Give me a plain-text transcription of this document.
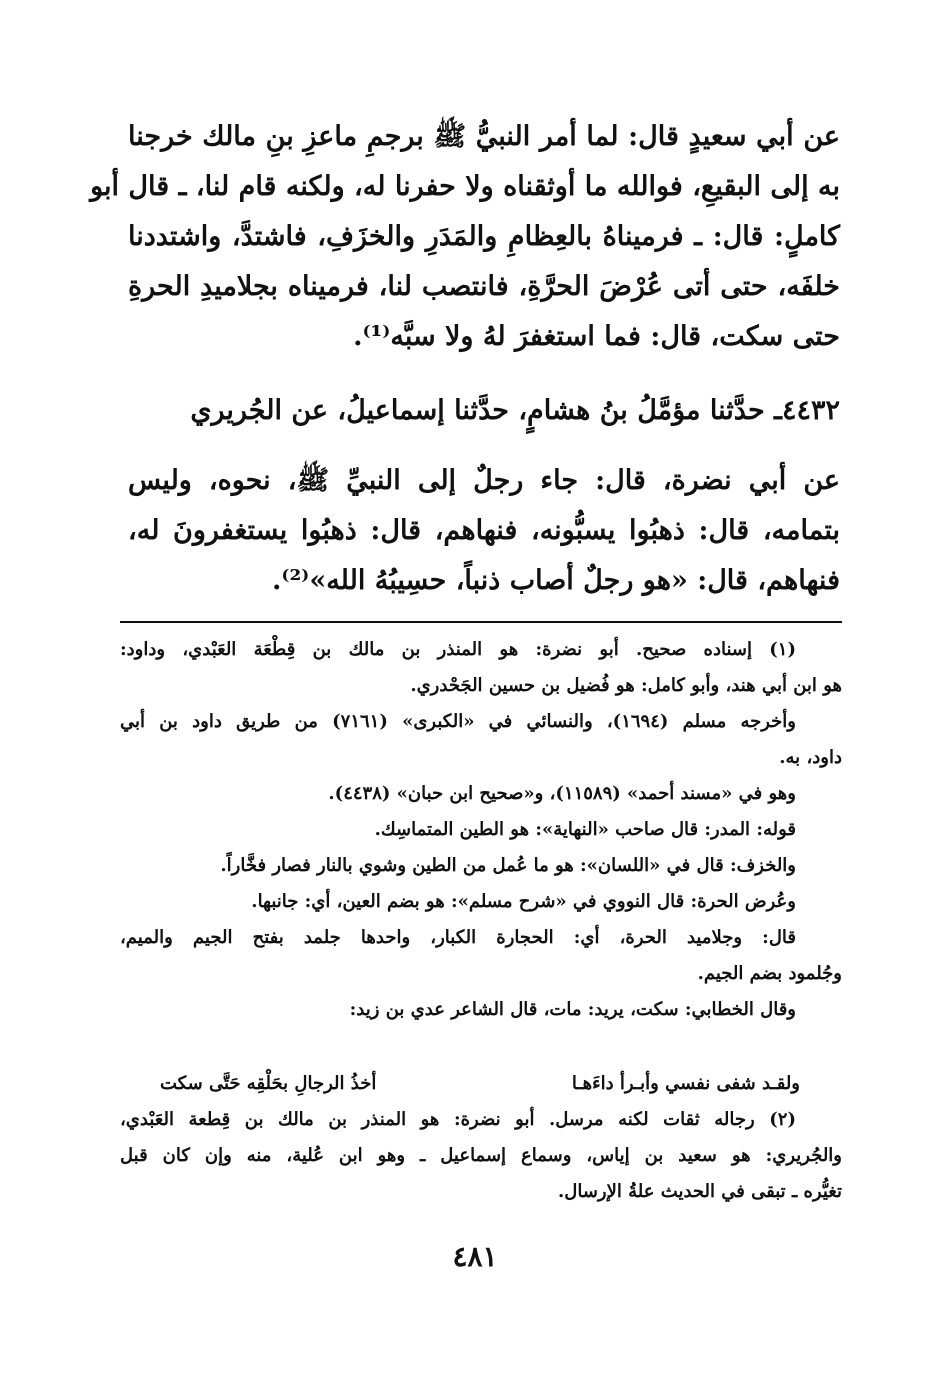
عن أبي سعيدٍ قال: لما أمر النبيُّ ﷺ برجمِ ماعزِ بنِ مالك خرجنا
به إلى البقيعِ، فوالله ما أوثقناه ولا حفرنا له، ولكنه قام لنا، ـ قال أبو
كاملٍ: قال: ـ فرميناهُ بالعِظامِ والمَدَرِ والخزَفِ، فاشتدَّ، واشتددنا
خلفَه، حتى أتى عُرْضَ الحرَّةِ، فانتصب لنا، فرميناه بجلاميدِ الحرةِ
حتى سكت، قال: فما استغفرَ لهُ ولا سبَّه⁽¹⁾.
٤٤٣٢ـ حدَّثنا مؤمَّلُ بنُ هشامٍ، حدَّثنا إسماعيلُ، عن الجُريري
عن أبي نضرة، قال: جاء رجلٌ إلى النبيِّ ﷺ، نحوه، وليس
بتمامه، قال: ذهبُوا يسبُّونه، فنهاهم، قال: ذهبُوا يستغفرونَ له،
فنهاهم، قال: «هو رجلٌ أصاب ذنباً، حسِيبُهُ الله»⁽²⁾.
(١) إسناده صحيح. أبو نضرة: هو المنذر بن مالك بن قِطْعَة العَبْدي، وداود:
هو ابن أبي هند، وأبو كامل: هو فُضيل بن حسين الجَحْدري.
وأخرجه مسلم (١٦٩٤)، والنسائي في «الكبرى» (٧١٦١) من طريق داود بن أبي
داود، به.
وهو في «مسند أحمد» (١١٥٨٩)، و«صحيح ابن حبان» (٤٤٣٨).
قوله: المدر: قال صاحب «النهاية»: هو الطين المتماسِك.
والخزف: قال في «اللسان»: هو ما عُمل من الطين وشوي بالنار فصار فخَّاراً.
وعُرض الحرة: قال النووي في «شرح مسلم»: هو بضم العين، أي: جانبها.
قال: وجلاميد الحرة، أي: الحجارة الكبار، واحدها جلمد بفتح الجيم والميم،
وجُلمود بضم الجيم.
وقال الخطابي: سكت، يريد: مات، قال الشاعر عدي بن زيد:
ولقـد شفى نفسي وأبـرأ داءَهـا
أخذُ الرجالِ بحَلْقِه حَتَّى سكت
(٢) رجاله ثقات لكنه مرسل. أبو نضرة: هو المنذر بن مالك بن قِطعة العَبْدي،
والجُريري: هو سعيد بن إياس، وسماع إسماعيل ـ وهو ابن عُلية، منه وإن كان قبل
تغيُّره ـ تبقى في الحديث علةُ الإرسال.
٤٨١
